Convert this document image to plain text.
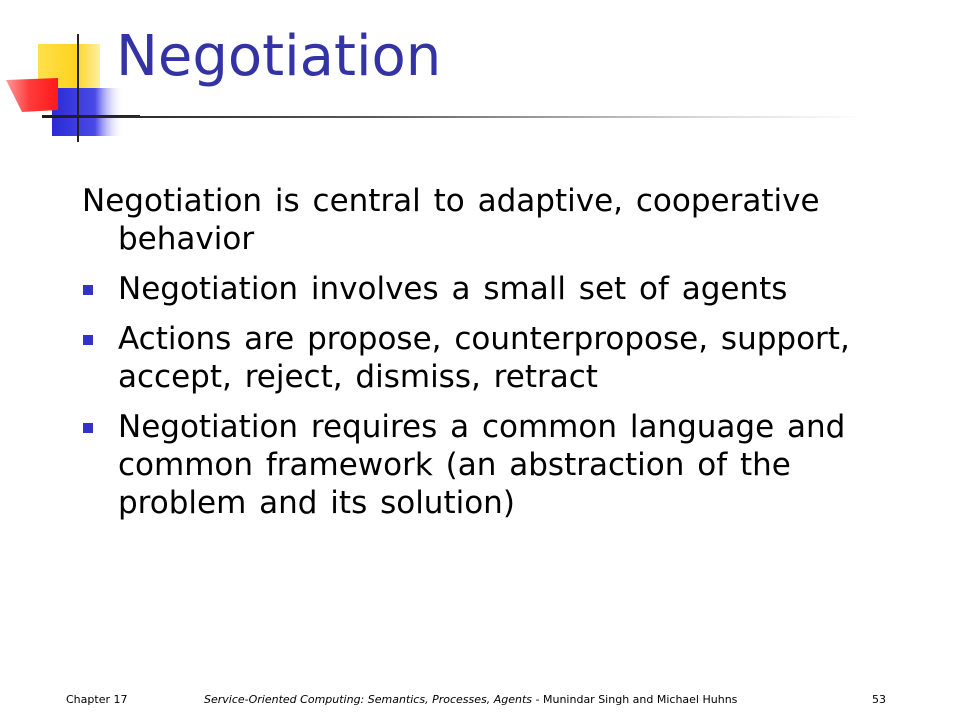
Negotiation

Negotiation is central to adaptive, cooperative behavior

Negotiation involves a small set of agents
Actions are propose, counterpropose, support, accept, reject, dismiss, retract
Negotiation requires a common language and common framework (an abstraction of the problem and its solution)
Chapter 17	Service-Oriented Computing: Semantics, Processes, Agents - Munindar Singh and Michael Huhns	53
